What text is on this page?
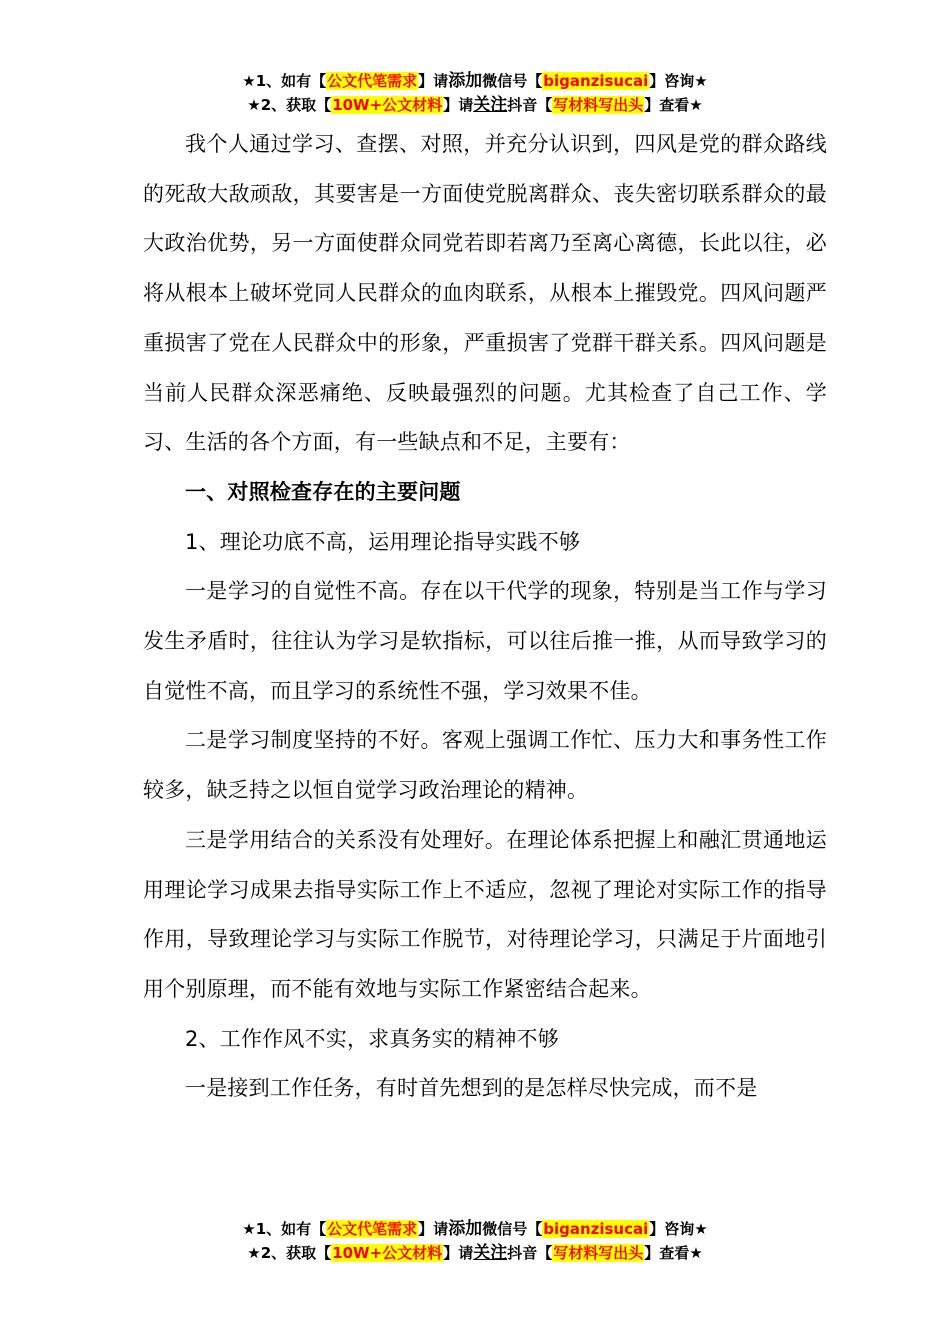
★1、如有【公文代笔需求】请添加微信号【biganzisucai】咨询★
★2、获取【10W+公文材料】请关注抖音【写材料写出头】查看★

我个人通过学习、查摆、对照，并充分认识到，四风是党的群众路线的死敌大敌顽敌，其要害是一方面使党脱离群众、丧失密切联系群众的最大政治优势，另一方面使群众同党若即若离乃至离心离德，长此以往，必将从根本上破坏党同人民群众的血肉联系，从根本上摧毁党。四风问题严重损害了党在人民群众中的形象，严重损害了党群干群关系。四风问题是当前人民群众深恶痛绝、反映最强烈的问题。尤其检查了自己工作、学习、生活的各个方面，有一些缺点和不足，主要有：

一、对照检查存在的主要问题

1、理论功底不高，运用理论指导实践不够

一是学习的自觉性不高。存在以干代学的现象，特别是当工作与学习发生矛盾时，往往认为学习是软指标，可以往后推一推，从而导致学习的自觉性不高，而且学习的系统性不强，学习效果不佳。

二是学习制度坚持的不好。客观上强调工作忙、压力大和事务性工作较多，缺乏持之以恒自觉学习政治理论的精神。

三是学用结合的关系没有处理好。在理论体系把握上和融汇贯通地运用理论学习成果去指导实际工作上不适应，忽视了理论对实际工作的指导作用，导致理论学习与实际工作脱节，对待理论学习，只满足于片面地引用个别原理，而不能有效地与实际工作紧密结合起来。

2、工作作风不实，求真务实的精神不够

一是接到工作任务，有时首先想到的是怎样尽快完成，而不是

★1、如有【公文代笔需求】请添加微信号【biganzisucai】咨询★
★2、获取【10W+公文材料】请关注抖音【写材料写出头】查看★
